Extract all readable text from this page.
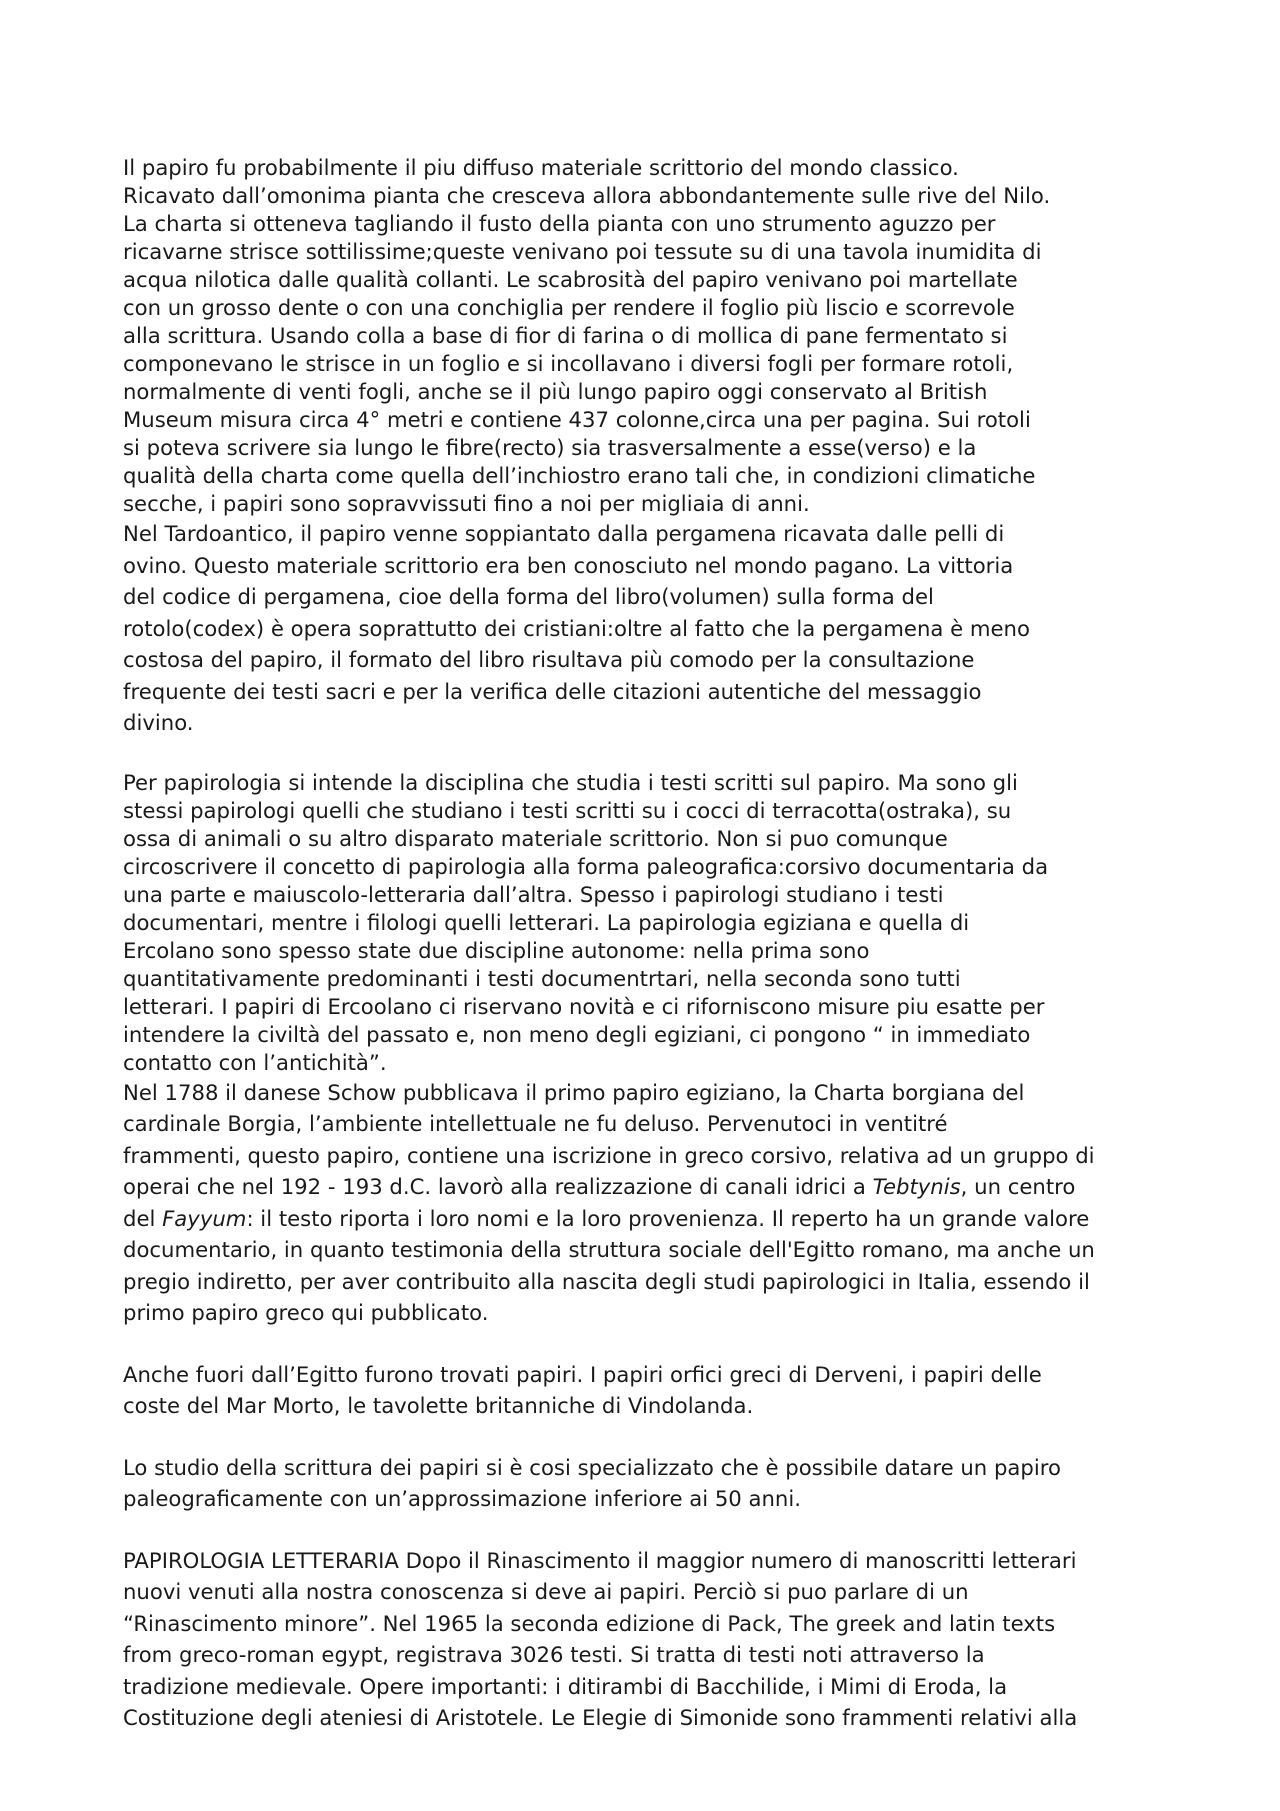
Il papiro fu probabilmente il piu diffuso materiale scrittorio del mondo classico.
Ricavato dall’omonima pianta che cresceva allora abbondantemente sulle rive del Nilo.
La charta si otteneva tagliando il fusto della pianta con uno strumento aguzzo per
ricavarne strisce sottilissime;queste venivano poi tessute su di una tavola inumidita di
acqua nilotica dalle qualità collanti. Le scabrosità del papiro venivano poi martellate
con un grosso dente o con una conchiglia per rendere il foglio più liscio e scorrevole
alla scrittura. Usando colla a base di fior di farina o di mollica di pane fermentato si
componevano le strisce in un foglio e si incollavano i diversi fogli per formare rotoli,
normalmente di venti fogli, anche se il più lungo papiro oggi conservato al British
Museum misura circa 4° metri e contiene 437 colonne,circa una per pagina. Sui rotoli
si poteva scrivere sia lungo le fibre(recto) sia trasversalmente a esse(verso) e la
qualità della charta come quella dell’inchiostro erano tali che, in condizioni climatiche
secche, i papiri sono sopravvissuti fino a noi per migliaia di anni.
Nel Tardoantico, il papiro venne soppiantato dalla pergamena ricavata dalle pelli di
ovino. Questo materiale scrittorio era ben conosciuto nel mondo pagano. La vittoria
del codice di pergamena, cioe della forma del libro(volumen) sulla forma del
rotolo(codex) è opera soprattutto dei cristiani:oltre al fatto che la pergamena è meno
costosa del papiro, il formato del libro risultava più comodo per la consultazione
frequente dei testi sacri e per la verifica delle citazioni autentiche del messaggio
divino.
Per papirologia si intende la disciplina che studia i testi scritti sul papiro. Ma sono gli
stessi papirologi quelli che studiano i testi scritti su i cocci di terracotta(ostraka), su
ossa di animali o su altro disparato materiale scrittorio. Non si puo comunque
circoscrivere il concetto di papirologia alla forma paleografica:corsivo documentaria da
una parte e maiuscolo-letteraria dall’altra. Spesso i papirologi studiano i testi
documentari, mentre i filologi quelli letterari. La papirologia egiziana e quella di
Ercolano sono spesso state due discipline autonome: nella prima sono
quantitativamente predominanti i testi documentrtari, nella seconda sono tutti
letterari. I papiri di Ercoolano ci riservano novità e ci riforniscono misure piu esatte per
intendere la civiltà del passato e, non meno degli egiziani, ci pongono “ in immediato
contatto con l’antichità”.
Nel 1788 il danese Schow pubblicava il primo papiro egiziano, la Charta borgiana del
cardinale Borgia, l’ambiente intellettuale ne fu deluso. Pervenutoci in ventitré
frammenti, questo papiro, contiene una iscrizione in greco corsivo, relativa ad un gruppo di
operai che nel 192 - 193 d.C. lavorò alla realizzazione di canali idrici a Tebtynis, un centro
del Fayyum: il testo riporta i loro nomi e la loro provenienza. Il reperto ha un grande valore
documentario, in quanto testimonia della struttura sociale dell'Egitto romano, ma anche un
pregio indiretto, per aver contribuito alla nascita degli studi papirologici in Italia, essendo il
primo papiro greco qui pubblicato.
Anche fuori dall’Egitto furono trovati papiri. I papiri orfici greci di Derveni, i papiri delle
coste del Mar Morto, le tavolette britanniche di Vindolanda.
Lo studio della scrittura dei papiri si è cosi specializzato che è possibile datare un papiro
paleograficamente con un’approssimazione inferiore ai 50 anni.
PAPIROLOGIA LETTERARIA Dopo il Rinascimento il maggior numero di manoscritti letterari
nuovi venuti alla nostra conoscenza si deve ai papiri. Perciò si puo parlare di un
“Rinascimento minore”. Nel 1965 la seconda edizione di Pack, The greek and latin texts
from greco-roman egypt, registrava 3026 testi. Si tratta di testi noti attraverso la
tradizione medievale. Opere importanti: i ditirambi di Bacchilide, i Mimi di Eroda, la
Costituzione degli ateniesi di Aristotele. Le Elegie di Simonide sono frammenti relativi alla
